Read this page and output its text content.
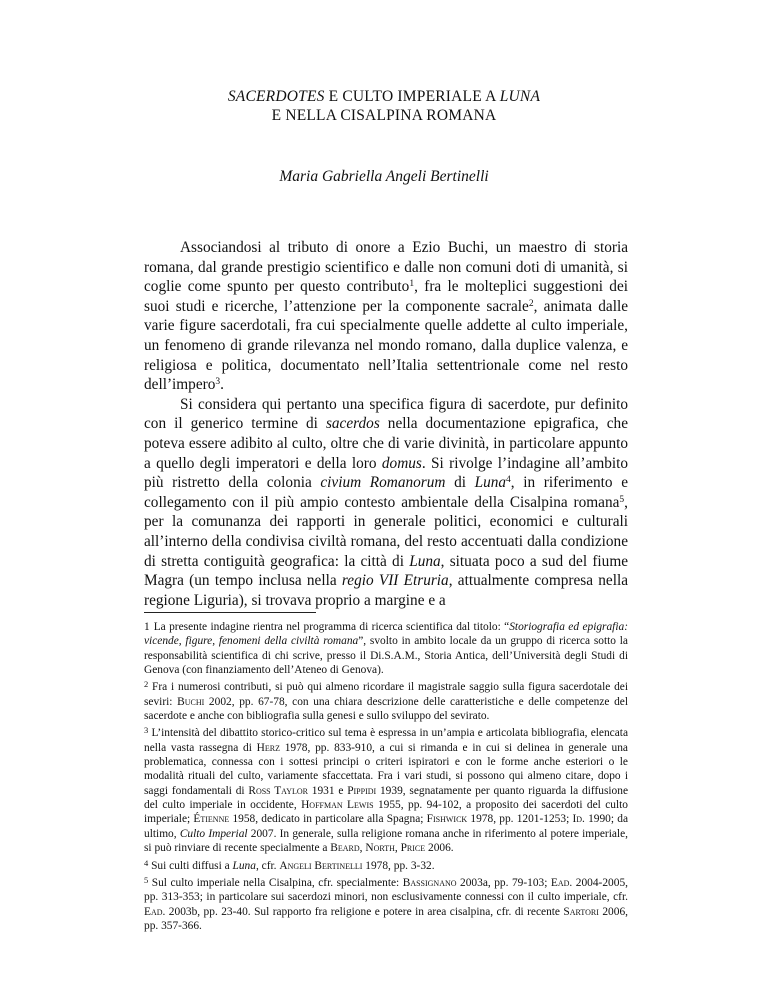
SACERDOTES E CULTO IMPERIALE A LUNA
E NELLA CISALPINA ROMANA
Maria Gabriella Angeli Bertinelli

Associandosi al tributo di onore a Ezio Buchi, un maestro di storia romana, dal grande prestigio scientifico e dalle non comuni doti di umanità, si coglie come spunto per questo contributo$^1$, fra le molteplici suggestioni dei suoi studi e ricerche, l’attenzione per la componente sacrale$^2$, animata dalle varie figure sacerdotali, fra cui specialmente quelle addette al culto imperiale, un fenomeno di grande rilevanza nel mondo romano, dalla duplice valenza, e religiosa e politica, documentato nell’Italia settentrionale come nel resto dell’impero$^3$.

Si considera qui pertanto una specifica figura di sacerdote, pur definito con il generico termine di sacerdos nella documentazione epigrafica, che poteva essere adibito al culto, oltre che di varie divinità, in particolare appunto a quello degli imperatori e della loro domus. Si rivolge l’indagine all’ambito più ristretto della colonia civium Romanorum di Luna$^4$, in riferimento e collegamento con il più ampio contesto ambientale della Cisalpina romana$^5$, per la comunanza dei rapporti in generale politici, economici e culturali all’interno della condivisa civiltà romana, del resto accentuati dalla condizione di stretta contiguità geografica: la città di Luna, situata poco a sud del fiume Magra (un tempo inclusa nella regio VII Etruria, attualmente compresa nella regione Liguria), si trovava proprio a margine e a

1 La presente indagine rientra nel programma di ricerca scientifica dal titolo: “Storiografia ed epigrafia: vicende, figure, fenomeni della civiltà romana”, svolto in ambito locale da un gruppo di ricerca sotto la responsabilità scientifica di chi scrive, presso il Di.S.A.M., Storia Antica, dell’Università degli Studi di Genova (con finanziamento dell’Ateneo di Genova).

$^2$ Fra i numerosi contributi, si può qui almeno ricordare il magistrale saggio sulla figura sacerdotale dei seviri: Buchi 2002, pp. 67-78, con una chiara descrizione delle caratteristiche e delle competenze del sacerdote e anche con bibliografia sulla genesi e sullo sviluppo del sevirato.

$^3$ L’intensità del dibattito storico-critico sul tema è espressa in un’ampia e articolata bibliografia, elencata nella vasta rassegna di Herz 1978, pp. 833-910, a cui si rimanda e in cui si delinea in generale una problematica, connessa con i sottesi principi o criteri ispiratori e con le forme anche esteriori o le modalità rituali del culto, variamente sfaccettata. Fra i vari studi, si possono qui almeno citare, dopo i saggi fondamentali di Ross Taylor 1931 e Pippidi 1939, segnatamente per quanto riguarda la diffusione del culto imperiale in occidente, Hoffman Lewis 1955, pp. 94-102, a proposito dei sacerdoti del culto imperiale; Étienne 1958, dedicato in particolare alla Spagna; Fishwick 1978, pp. 1201-1253; Id. 1990; da ultimo, Culto Imperial 2007. In generale, sulla religione romana anche in riferimento al potere imperiale, si può rinviare di recente specialmente a Beard, North, Price 2006.

$^4$ Sui culti diffusi a Luna, cfr. Angeli Bertinelli 1978, pp. 3-32.

$^5$ Sul culto imperiale nella Cisalpina, cfr. specialmente: Bassignano 2003a, pp. 79-103; Ead. 2004-2005, pp. 313-353; in particolare sui sacerdozi minori, non esclusivamente connessi con il culto imperiale, cfr. Ead. 2003b, pp. 23-40. Sul rapporto fra religione e potere in area cisalpina, cfr. di recente Sartori 2006, pp. 357-366.
